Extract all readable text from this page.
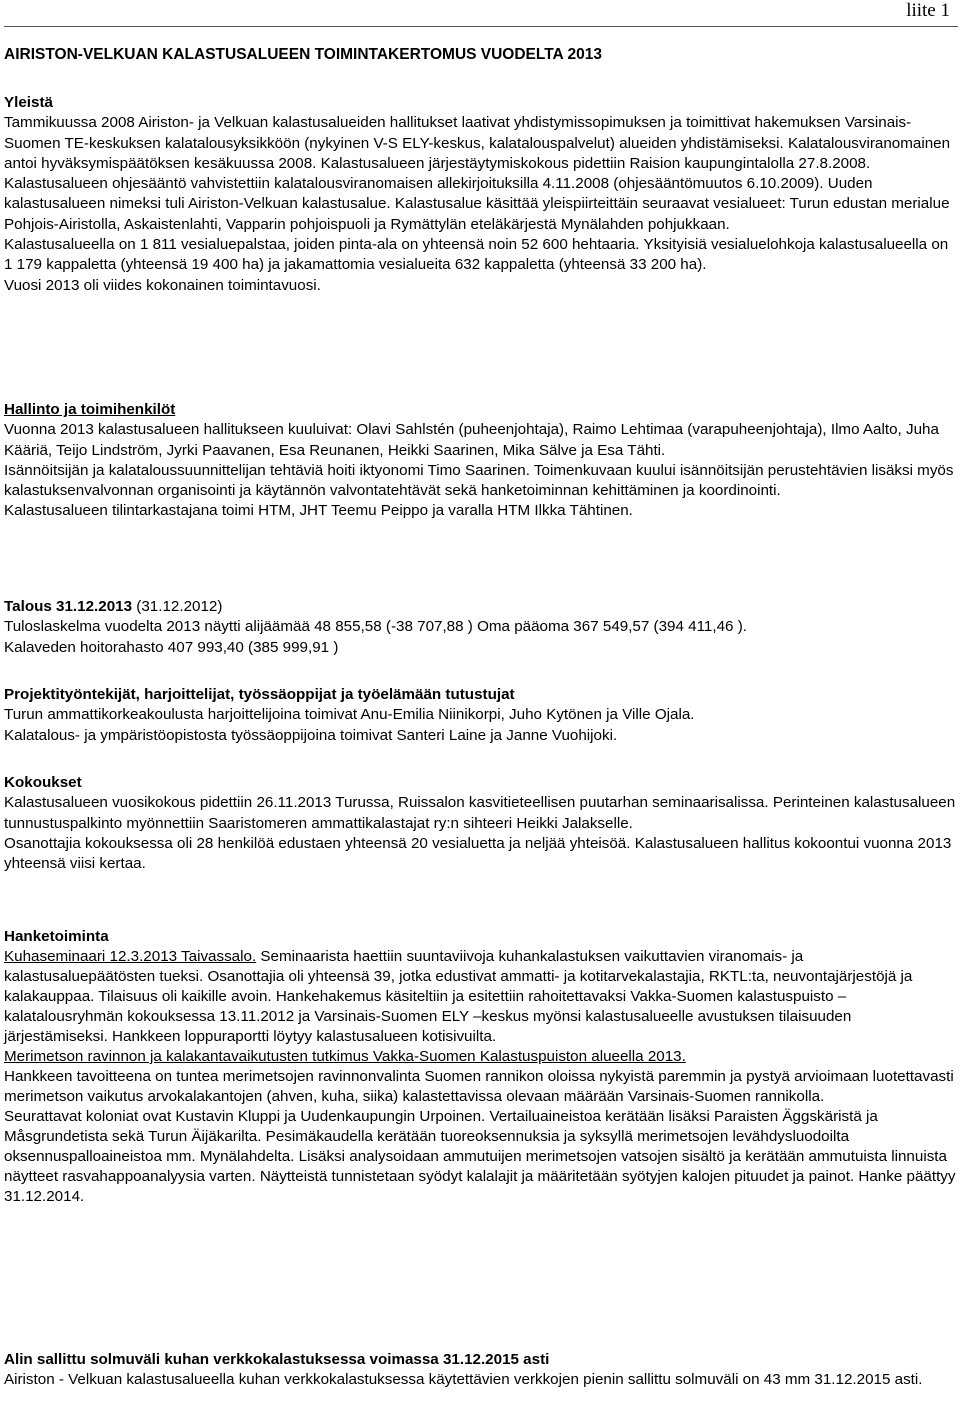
liite 1
AIRISTON-VELKUAN KALASTUSALUEEN TOIMINTAKERTOMUS VUODELTA 2013

Yleistä

Tammikuussa 2008 Airiston- ja Velkuan kalastusalueiden hallitukset laativat yhdistymissopimuksen ja toimittivat hakemuksen Varsinais-Suomen TE-keskuksen kalatalousyksikköön (nykyinen V-S ELY-keskus, kalatalouspalvelut) alueiden yhdistämiseksi. Kalatalousviranomainen antoi hyväksymispäätöksen kesäkuussa 2008. Kalastusalueen järjestäytymiskokous pidettiin Raision kaupungintalolla 27.8.2008. Kalastusalueen ohjesääntö vahvistettiin kalatalousviranomaisen allekirjoituksilla 4.11.2008 (ohjesääntömuutos 6.10.2009). Uuden kalastusalueen nimeksi tuli Airiston-Velkuan kalastusalue. Kalastusalue käsittää yleispiirteittäin seuraavat vesialueet: Turun edustan merialue Pohjois-Airistolla, Askaistenlahti, Vapparin pohjoispuoli ja Rymättylän eteläkärjestä Mynälahden pohjukkaan.

Kalastusalueella on 1 811 vesialuepalstaa, joiden pinta-ala on yhteensä noin 52 600 hehtaaria. Yksityisiä vesialuelohkoja kalastusalueella on 1 179 kappaletta (yhteensä 19 400 ha) ja jakamattomia vesialueita 632 kappaletta (yhteensä 33 200 ha).

Vuosi 2013 oli viides kokonainen toimintavuosi.

Hallinto ja toimihenkilöt

Vuonna 2013 kalastusalueen hallitukseen kuuluivat: Olavi Sahlstén (puheenjohtaja), Raimo Lehtimaa (varapuheenjohtaja), Ilmo Aalto, Juha Kääriä, Teijo Lindström, Jyrki Paavanen, Esa Reunanen, Heikki Saarinen, Mika Sälve ja Esa Tähti.

Isännöitsijän ja kalataloussuunnittelijan tehtäviä hoiti iktyonomi Timo Saarinen. Toimenkuvaan kuului isännöitsijän perustehtävien lisäksi myös kalastuksenvalvonnan organisointi ja käytännön valvontatehtävät sekä hanketoiminnan kehittäminen ja koordinointi.

Kalastusalueen tilintarkastajana toimi HTM, JHT Teemu Peippo ja varalla HTM Ilkka Tähtinen.

Talous 31.12.2013 (31.12.2012)

Tuloslaskelma vuodelta 2013 näytti alijäämää 48 855,58 (-38 707,88 ) Oma pääoma 367 549,57 (394 411,46 ).

Kalaveden hoitorahasto 407 993,40 (385 999,91 )

Projektityöntekijät, harjoittelijat, työssäoppijat ja työelämään tutustujat

Turun ammattikorkeakoulusta harjoittelijoina toimivat Anu-Emilia Niinikorpi, Juho Kytönen ja Ville Ojala.

Kalatalous- ja ympäristöopistosta työssäoppijoina toimivat Santeri Laine ja Janne Vuohijoki.

Kokoukset

Kalastusalueen vuosikokous pidettiin 26.11.2013 Turussa, Ruissalon kasvitieteellisen puutarhan seminaarisalissa. Perinteinen kalastusalueen tunnustuspalkinto myönnettiin Saaristomeren ammattikalastajat ry:n sihteeri Heikki Jalakselle.

Osanottajia kokouksessa oli 28 henkilöä edustaen yhteensä 20 vesialuetta ja neljää yhteisöä. Kalastusalueen hallitus kokoontui vuonna 2013 yhteensä viisi kertaa.

Hanketoiminta

Kuhaseminaari 12.3.2013 Taivassalo. Seminaarista haettiin suuntaviivoja kuhankalastuksen vaikuttavien viranomais- ja kalastusaluepäätösten tueksi. Osanottajia oli yhteensä 39, jotka edustivat ammatti- ja kotitarvekalastajia, RKTL:ta, neuvontajärjestöjä ja kalakauppaa. Tilaisuus oli kaikille avoin. Hankehakemus käsiteltiin ja esitettiin rahoitettavaksi Vakka-Suomen kalastuspuisto –kalatalousryhmän kokouksessa 13.11.2012 ja Varsinais-Suomen ELY –keskus myönsi kalastusalueelle avustuksen tilaisuuden järjestämiseksi. Hankkeen loppuraportti löytyy kalastusalueen kotisivuilta.

Merimetson ravinnon ja kalakantavaikutusten tutkimus Vakka-Suomen Kalastuspuiston alueella 2013.

Hankkeen tavoitteena on tuntea merimetsojen ravinnonvalinta Suomen rannikon oloissa nykyistä paremmin ja pystyä arvioimaan luotettavasti merimetson vaikutus arvokalakantojen (ahven, kuha, siika) kalastettavissa olevaan määrään Varsinais-Suomen rannikolla.

Seurattavat koloniat ovat Kustavin Kluppi ja Uudenkaupungin Urpoinen. Vertailuaineistoa kerätään lisäksi Paraisten Äggskäristä ja Måsgrundetista sekä Turun Äijäkarilta. Pesimäkaudella kerätään tuoreoksennuksia ja syksyllä merimetsojen levähdysluodoilta oksennuspalloaineistoa mm. Mynälahdelta. Lisäksi analysoidaan ammutuijen merimetsojen vatsojen sisältö ja kerätään ammutuista linnuista näytteet rasvahappoanalyysia varten. Näytteistä tunnistetaan syödyt kalalajit ja määritetään syötyjen kalojen pituudet ja painot. Hanke päättyy 31.12.2014.

Alin sallittu solmuväli kuhan verkkokalastuksessa voimassa 31.12.2015 asti

Airiston - Velkuan kalastusalueella kuhan verkkokalastuksessa käytettävien verkkojen pienin sallittu solmuväli on 43 mm 31.12.2015 asti.
